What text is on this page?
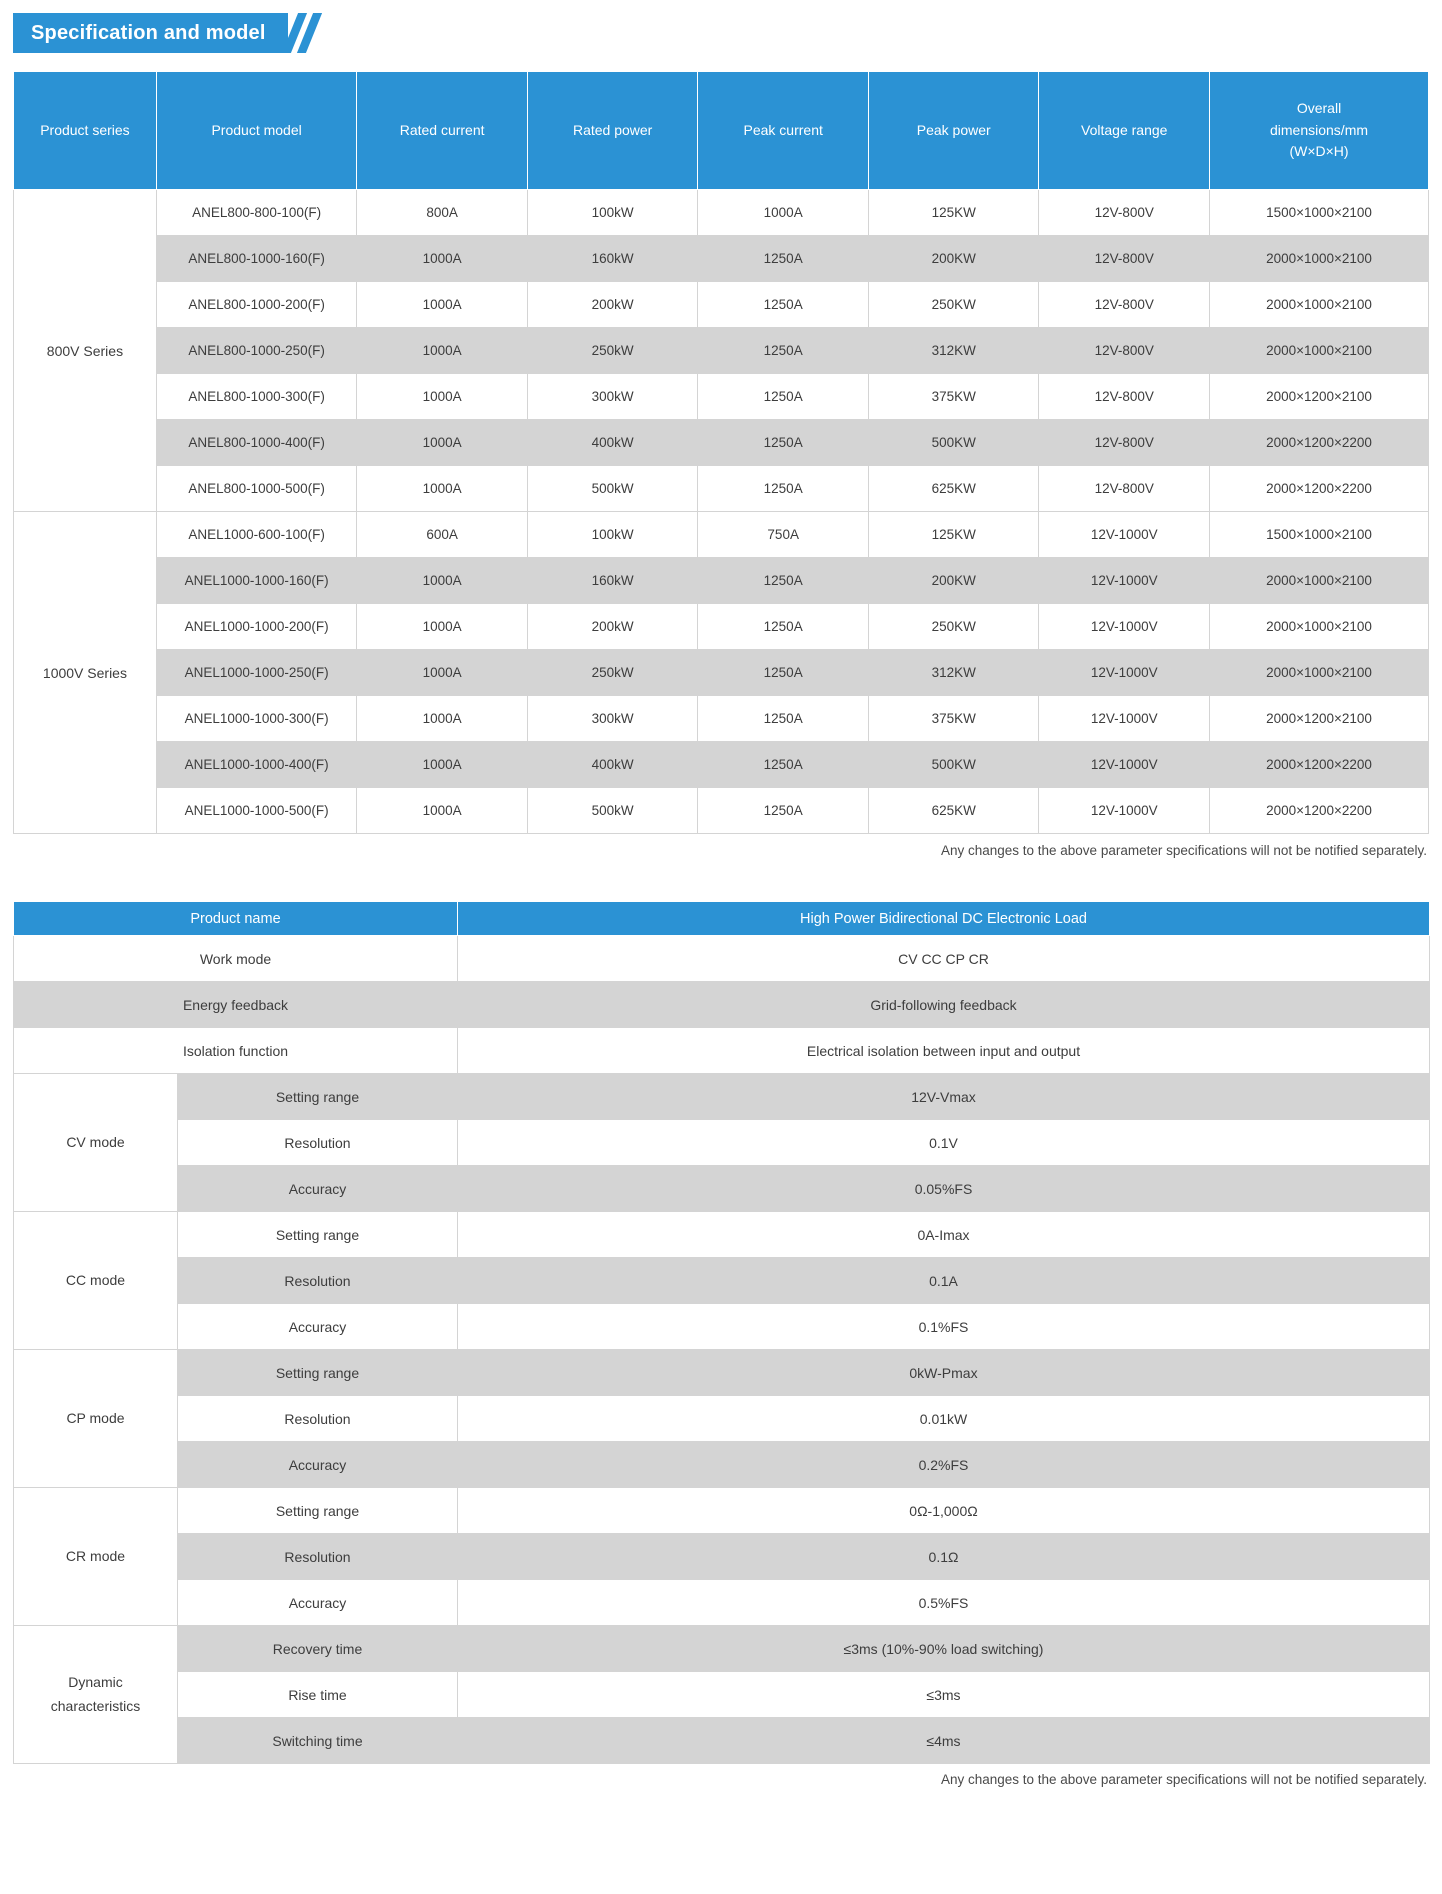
Specification and model
Product series	Product model	Rated current	Rated power	Peak current	Peak power	Voltage range	Overall
dimensions/mm
(W×D×H)

800V Series	ANEL800-800-100(F)	800A	100kW	1000A	125KW	12V-800V	1500×1000×2100
	ANEL800-1000-160(F)	1000A	160kW	1250A	200KW	12V-800V	2000×1000×2100
	ANEL800-1000-200(F)	1000A	200kW	1250A	250KW	12V-800V	2000×1000×2100
	ANEL800-1000-250(F)	1000A	250kW	1250A	312KW	12V-800V	2000×1000×2100
	ANEL800-1000-300(F)	1000A	300kW	1250A	375KW	12V-800V	2000×1200×2100
	ANEL800-1000-400(F)	1000A	400kW	1250A	500KW	12V-800V	2000×1200×2200
	ANEL800-1000-500(F)	1000A	500kW	1250A	625KW	12V-800V	2000×1200×2200
1000V Series	ANEL1000-600-100(F)	600A	100kW	750A	125KW	12V-1000V	1500×1000×2100
	ANEL1000-1000-160(F)	1000A	160kW	1250A	200KW	12V-1000V	2000×1000×2100
	ANEL1000-1000-200(F)	1000A	200kW	1250A	250KW	12V-1000V	2000×1000×2100
	ANEL1000-1000-250(F)	1000A	250kW	1250A	312KW	12V-1000V	2000×1000×2100
	ANEL1000-1000-300(F)	1000A	300kW	1250A	375KW	12V-1000V	2000×1200×2100
	ANEL1000-1000-400(F)	1000A	400kW	1250A	500KW	12V-1000V	2000×1200×2200
	ANEL1000-1000-500(F)	1000A	500kW	1250A	625KW	12V-1000V	2000×1200×2200
Any changes to the above parameter specifications will not be notified separately.
Product name		High Power Bidirectional DC Electronic Load
Work mode		CV CC CP CR
Energy feedback		Grid-following feedback
Isolation function		Electrical isolation between input and output
CV mode	Setting range	12V-Vmax
	Resolution	0.1V
	Accuracy	0.05%FS
CC mode	Setting range	0A-Imax
	Resolution	0.1A
	Accuracy	0.1%FS
CP mode	Setting range	0kW-Pmax
	Resolution	0.01kW
	Accuracy	0.2%FS
CR mode	Setting range	0Ω-1,000Ω
	Resolution	0.1Ω
	Accuracy	0.5%FS

Dynamic
characteristics	Recovery time	≤3ms (10%-90% load switching)
	Rise time	≤3ms
	Switching time	≤4ms
Any changes to the above parameter specifications will not be notified separately.
